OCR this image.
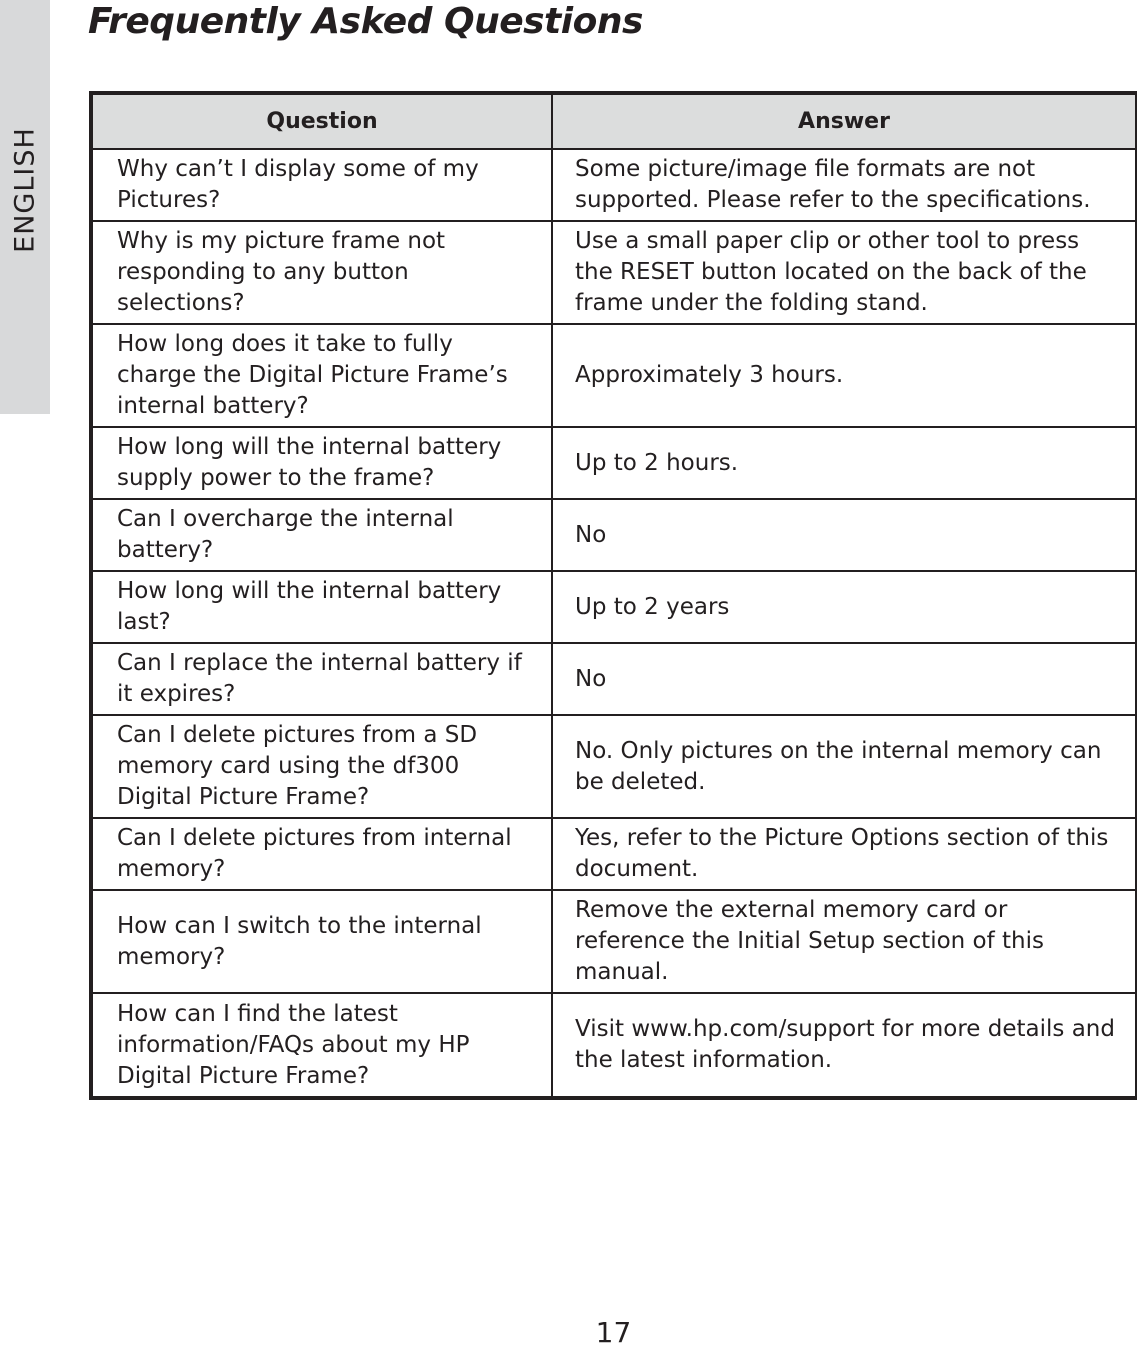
ENGLISH
Frequently Asked Questions
Question	Answer
Why can’t I display some of my Pictures?	Some picture/image file formats are not supported. Please refer to the specifications.
Why is my picture frame not responding to any button selections?	Use a small paper clip or other tool to press the RESET button located on the back of the frame under the folding stand.
How long does it take to fully charge the Digital Picture Frame’s internal battery?	Approximately 3 hours.
How long will the internal battery supply power to the frame?	Up to 2 hours.
Can I overcharge the internal battery?	No
How long will the internal battery last?	Up to 2 years
Can I replace the internal battery if it expires?	No
Can I delete pictures from a SD memory card using the df300 Digital Picture Frame?	No. Only pictures on the internal memory can be deleted.
Can I delete pictures from internal memory?	Yes, refer to the Picture Options section of this document.
How can I switch to the internal memory?	Remove the external memory card or reference the Initial Setup section of this manual.
How can I find the latest information/FAQs about my HP Digital Picture Frame?	Visit www.hp.com/support for more details and the latest information.

17
